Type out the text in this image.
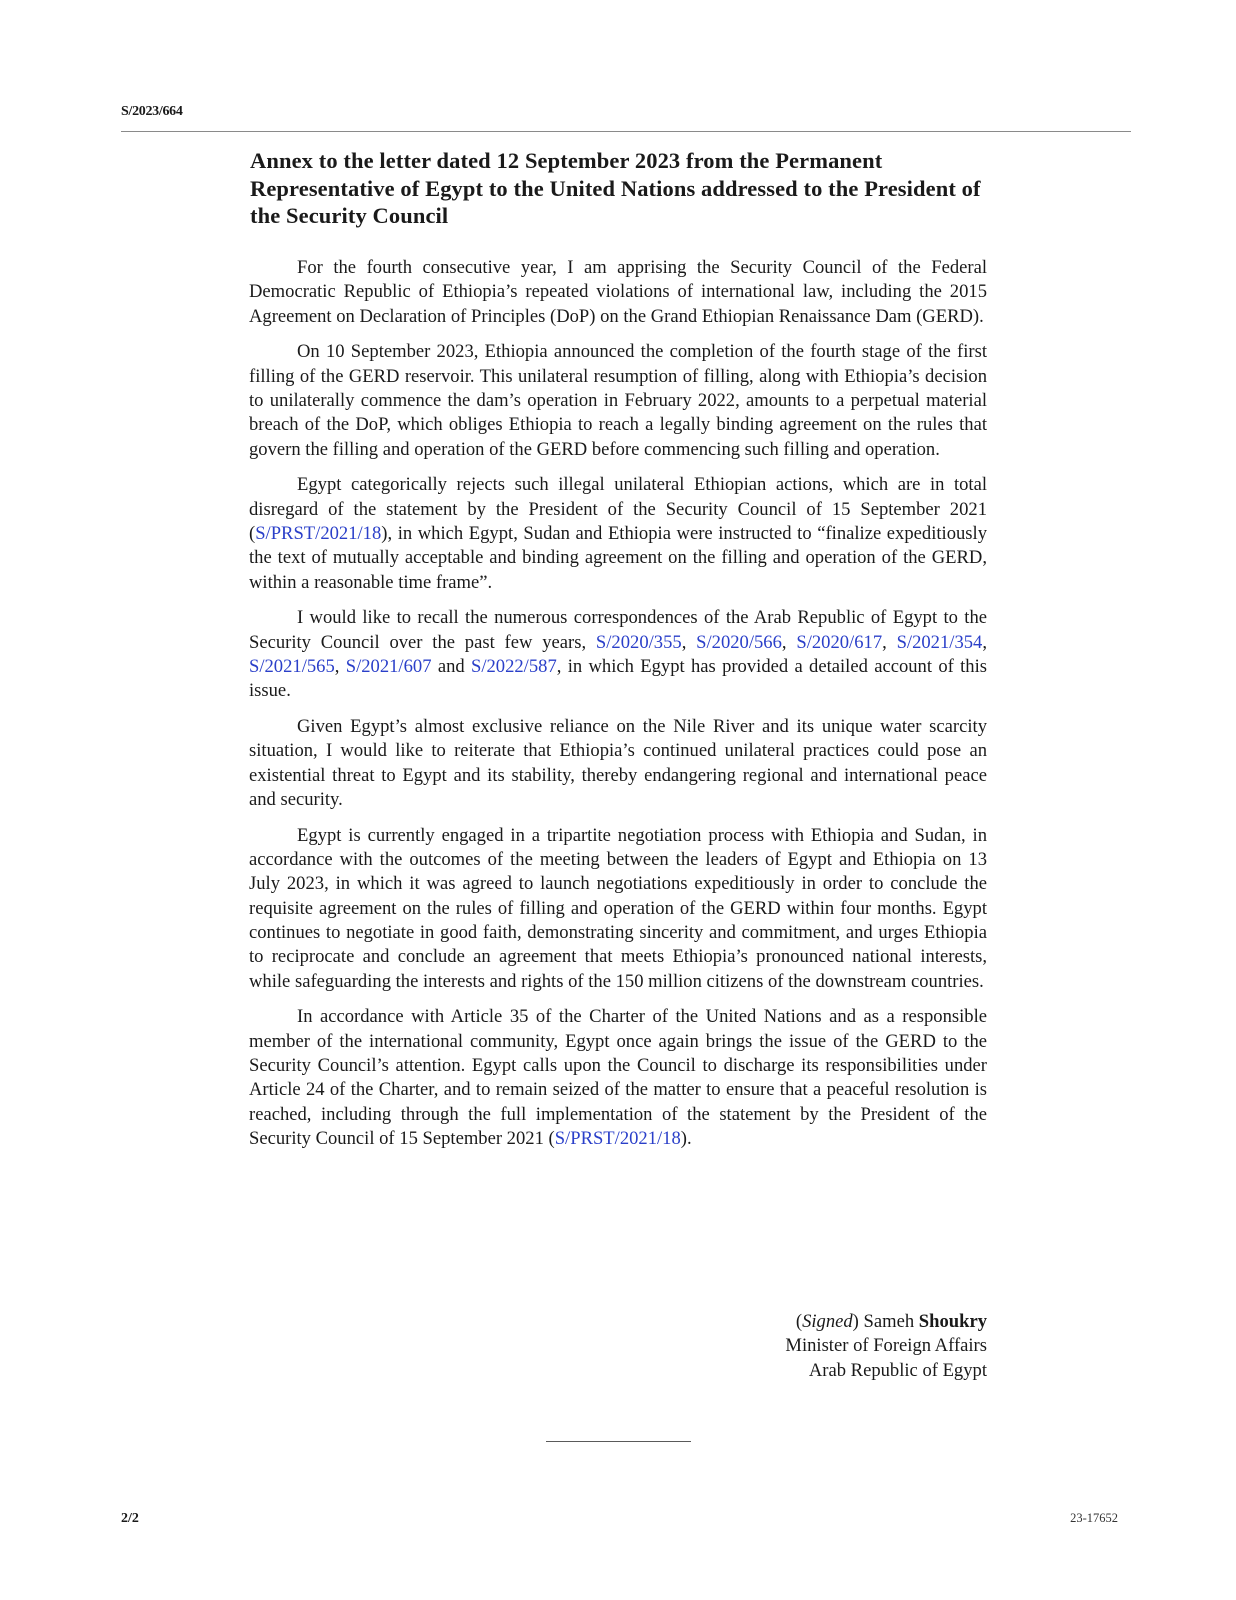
S/2023/664
Annex to the letter dated 12 September 2023 from the Permanent Representative of Egypt to the United Nations addressed to the President of the Security Council

For the fourth consecutive year, I am apprising the Security Council of the Federal Democratic Republic of Ethiopia’s repeated violations of international law, including the 2015 Agreement on Declaration of Principles (DoP) on the Grand Ethiopian Renaissance Dam (GERD).

On 10 September 2023, Ethiopia announced the completion of the fourth stage of the first filling of the GERD reservoir. This unilateral resumption of filling, along with Ethiopia’s decision to unilaterally commence the dam’s operation in February 2022, amounts to a perpetual material breach of the DoP, which obliges Ethiopia to reach a legally binding agreement on the rules that govern the filling and operation of the GERD before commencing such filling and operation.

Egypt categorically rejects such illegal unilateral Ethiopian actions, which are in total disregard of the statement by the President of the Security Council of 15 September 2021 (S/PRST/2021/18), in which Egypt, Sudan and Ethiopia were instructed to “finalize expeditiously the text of mutually acceptable and binding agreement on the filling and operation of the GERD, within a reasonable time frame”.

I would like to recall the numerous correspondences of the Arab Republic of Egypt to the Security Council over the past few years, S/2020/355, S/2020/566, S/2020/617, S/2021/354, S/2021/565, S/2021/607 and S/2022/587, in which Egypt has provided a detailed account of this issue.

Given Egypt’s almost exclusive reliance on the Nile River and its unique water scarcity situation, I would like to reiterate that Ethiopia’s continued unilateral practices could pose an existential threat to Egypt and its stability, thereby endangering regional and international peace and security.

Egypt is currently engaged in a tripartite negotiation process with Ethiopia and Sudan, in accordance with the outcomes of the meeting between the leaders of Egypt and Ethiopia on 13 July 2023, in which it was agreed to launch negotiations expeditiously in order to conclude the requisite agreement on the rules of filling and operation of the GERD within four months. Egypt continues to negotiate in good faith, demonstrating sincerity and commitment, and urges Ethiopia to reciprocate and conclude an agreement that meets Ethiopia’s pronounced national interests, while safeguarding the interests and rights of the 150 million citizens of the downstream countries.

In accordance with Article 35 of the Charter of the United Nations and as a responsible member of the international community, Egypt once again brings the issue of the GERD to the Security Council’s attention. Egypt calls upon the Council to discharge its responsibilities under Article 24 of the Charter, and to remain seized of the matter to ensure that a peaceful resolution is reached, including through the full implementation of the statement by the President of the Security Council of 15 September 2021 (S/PRST/2021/18).

(Signed) Sameh Shoukry
Minister of Foreign Affairs
Arab Republic of Egypt
2/2	23-17652
